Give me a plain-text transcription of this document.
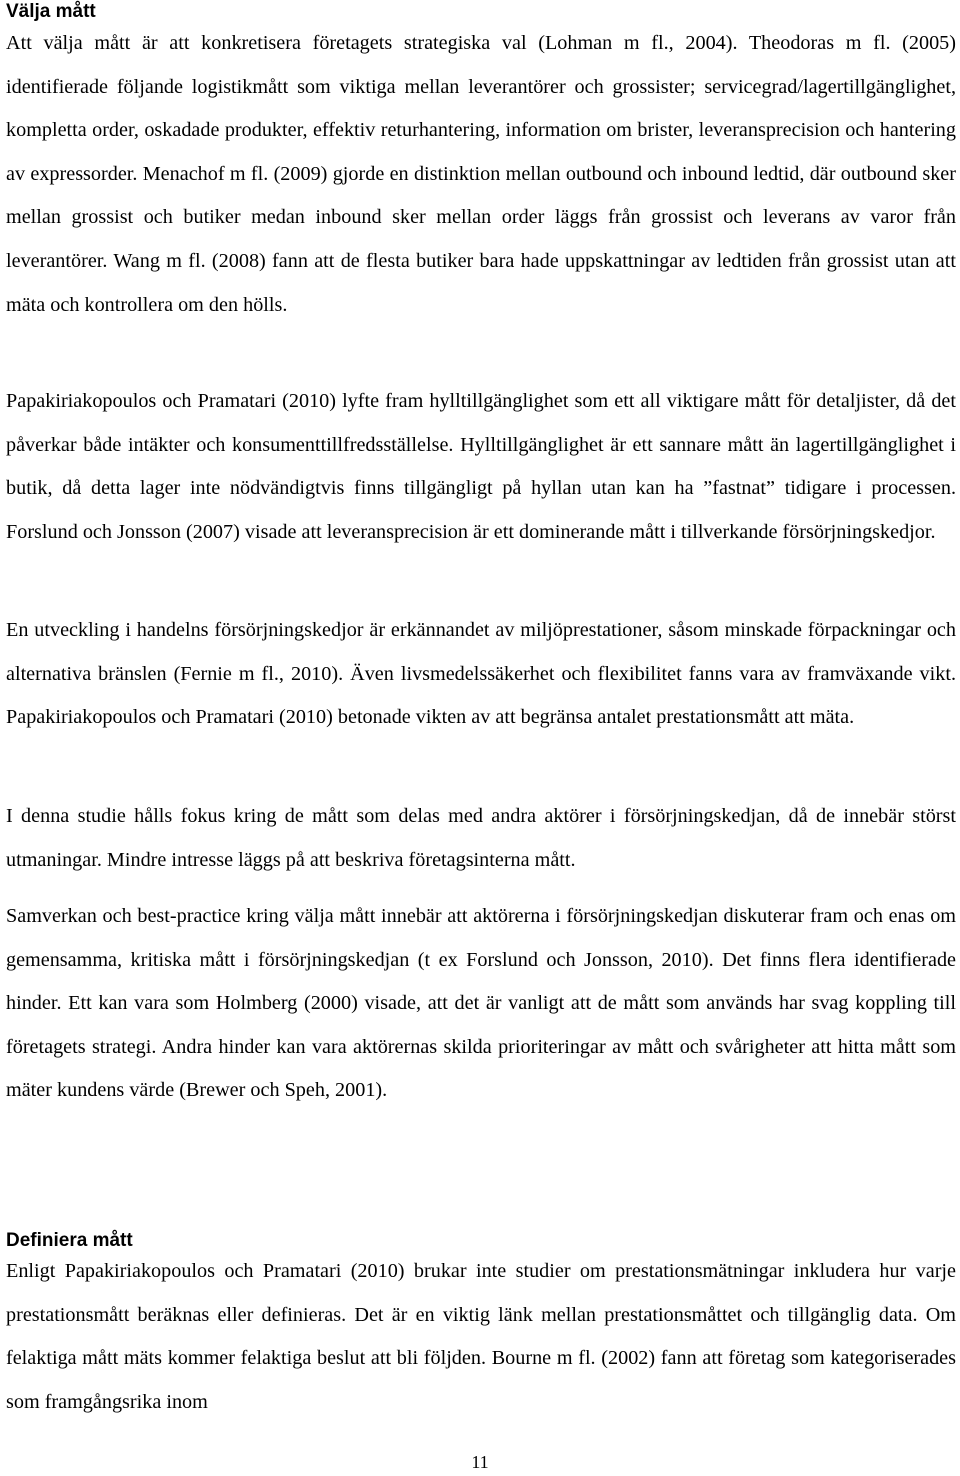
Välja mått

Att välja mått är att konkretisera företagets strategiska val (Lohman m fl., 2004). Theodoras m fl. (2005) identifierade följande logistikmått som viktiga mellan leverantörer och grossister; servicegrad/lagertillgänglighet, kompletta order, oskadade produkter, effektiv returhantering, information om brister, leveransprecision och hantering av expressorder. Menachof m fl. (2009) gjorde en distinktion mellan outbound och inbound ledtid, där outbound sker mellan grossist och butiker medan inbound sker mellan order läggs från grossist och leverans av varor från leverantörer. Wang m fl. (2008) fann att de flesta butiker bara hade uppskattningar av ledtiden från grossist utan att mäta och kontrollera om den hölls.

Papakiriakopoulos och Pramatari (2010) lyfte fram hylltillgänglighet som ett all viktigare mått för detaljister, då det påverkar både intäkter och konsumenttillfredsställelse. Hylltillgänglighet är ett sannare mått än lagertillgänglighet i butik, då detta lager inte nödvändigtvis finns tillgängligt på hyllan utan kan ha ”fastnat” tidigare i processen. Forslund och Jonsson (2007) visade att leveransprecision är ett dominerande mått i tillverkande försörjningskedjor.

En utveckling i handelns försörjningskedjor är erkännandet av miljöprestationer, såsom minskade förpackningar och alternativa bränslen (Fernie m fl., 2010). Även livsmedelssäkerhet och flexibilitet fanns vara av framväxande vikt. Papakiriakopoulos och Pramatari (2010) betonade vikten av att begränsa antalet prestationsmått att mäta.

I denna studie hålls fokus kring de mått som delas med andra aktörer i försörjningskedjan, då de innebär störst utmaningar. Mindre intresse läggs på att beskriva företagsinterna mått.

Samverkan och best-practice kring välja mått innebär att aktörerna i försörjningskedjan diskuterar fram och enas om gemensamma, kritiska mått i försörjningskedjan (t ex Forslund och Jonsson, 2010). Det finns flera identifierade hinder. Ett kan vara som Holmberg (2000) visade, att det är vanligt att de mått som används har svag koppling till företagets strategi. Andra hinder kan vara aktörernas skilda prioriteringar av mått och svårigheter att hitta mått som mäter kundens värde (Brewer och Speh, 2001).

Definiera mått

Enligt Papakiriakopoulos och Pramatari (2010) brukar inte studier om prestationsmätningar inkludera hur varje prestationsmått beräknas eller definieras. Det är en viktig länk mellan prestationsmåttet och tillgänglig data. Om felaktiga mått mäts kommer felaktiga beslut att bli följden. Bourne m fl. (2002) fann att företag som kategoriserades som framgångsrika inom

11
